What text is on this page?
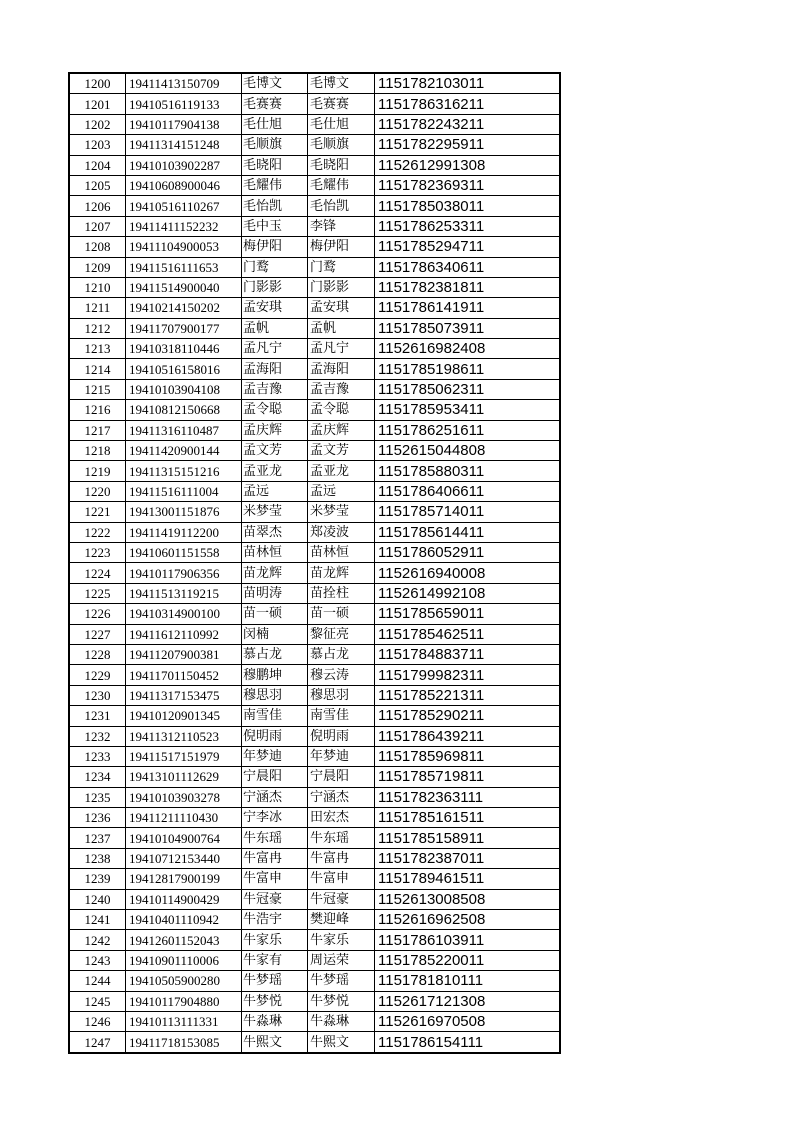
1200	19411413150709	毛博文	毛博文	1151782103011
1201	19410516119133	毛赛赛	毛赛赛	1151786316211
1202	19410117904138	毛仕旭	毛仕旭	1151782243211
1203	19411314151248	毛顺旗	毛顺旗	1151782295911
1204	19410103902287	毛晓阳	毛晓阳	1152612991308
1205	19410608900046	毛耀伟	毛耀伟	1151782369311
1206	19410516110267	毛怡凯	毛怡凯	1151785038011
1207	19411411152232	毛中玉	李锋	1151786253311
1208	19411104900053	梅伊阳	梅伊阳	1151785294711
1209	19411516111653	门鹜	门鹜	1151786340611
1210	19411514900040	门影影	门影影	1151782381811
1211	19410214150202	孟安琪	孟安琪	1151786141911
1212	19411707900177	孟帆	孟帆	1151785073911
1213	19410318110446	孟凡宁	孟凡宁	1152616982408
1214	19410516158016	孟海阳	孟海阳	1151785198611
1215	19410103904108	孟吉豫	孟吉豫	1151785062311
1216	19410812150668	孟令聪	孟令聪	1151785953411
1217	19411316110487	孟庆辉	孟庆辉	1151786251611
1218	19411420900144	孟文芳	孟文芳	1152615044808
1219	19411315151216	孟亚龙	孟亚龙	1151785880311
1220	19411516111004	孟远	孟远	1151786406611
1221	19413001151876	米梦莹	米梦莹	1151785714011
1222	19411419112200	苗翠杰	郑凌波	1151785614411
1223	19410601151558	苗林恒	苗林恒	1151786052911
1224	19410117906356	苗龙辉	苗龙辉	1152616940008
1225	19411513119215	苗明涛	苗拴柱	1152614992108
1226	19410314900100	苗一硕	苗一硕	1151785659011
1227	19411612110992	闵楠	黎征亮	1151785462511
1228	19411207900381	慕占龙	慕占龙	1151784883711
1229	19411701150452	穆鹏坤	穆云涛	1151799982311
1230	19411317153475	穆思羽	穆思羽	1151785221311
1231	19410120901345	南雪佳	南雪佳	1151785290211
1232	19411312110523	倪明雨	倪明雨	1151786439211
1233	19411517151979	年梦迪	年梦迪	1151785969811
1234	19413101112629	宁晨阳	宁晨阳	1151785719811
1235	19410103903278	宁涵杰	宁涵杰	1151782363111
1236	19411211110430	宁李冰	田宏杰	1151785161511
1237	19410104900764	牛东瑶	牛东瑶	1151785158911
1238	19410712153440	牛富冉	牛富冉	1151782387011
1239	19412817900199	牛富申	牛富申	1151789461511
1240	19410114900429	牛冠豪	牛冠豪	1152613008508
1241	19410401110942	牛浩宇	樊迎峰	1152616962508
1242	19412601152043	牛家乐	牛家乐	1151786103911
1243	19410901110006	牛家有	周运荣	1151785220011
1244	19410505900280	牛梦瑶	牛梦瑶	1151781810111
1245	19410117904880	牛梦悦	牛梦悦	1152617121308
1246	19410113111331	牛淼琳	牛淼琳	1152616970508
1247	19411718153085	牛熙文	牛熙文	1151786154111
